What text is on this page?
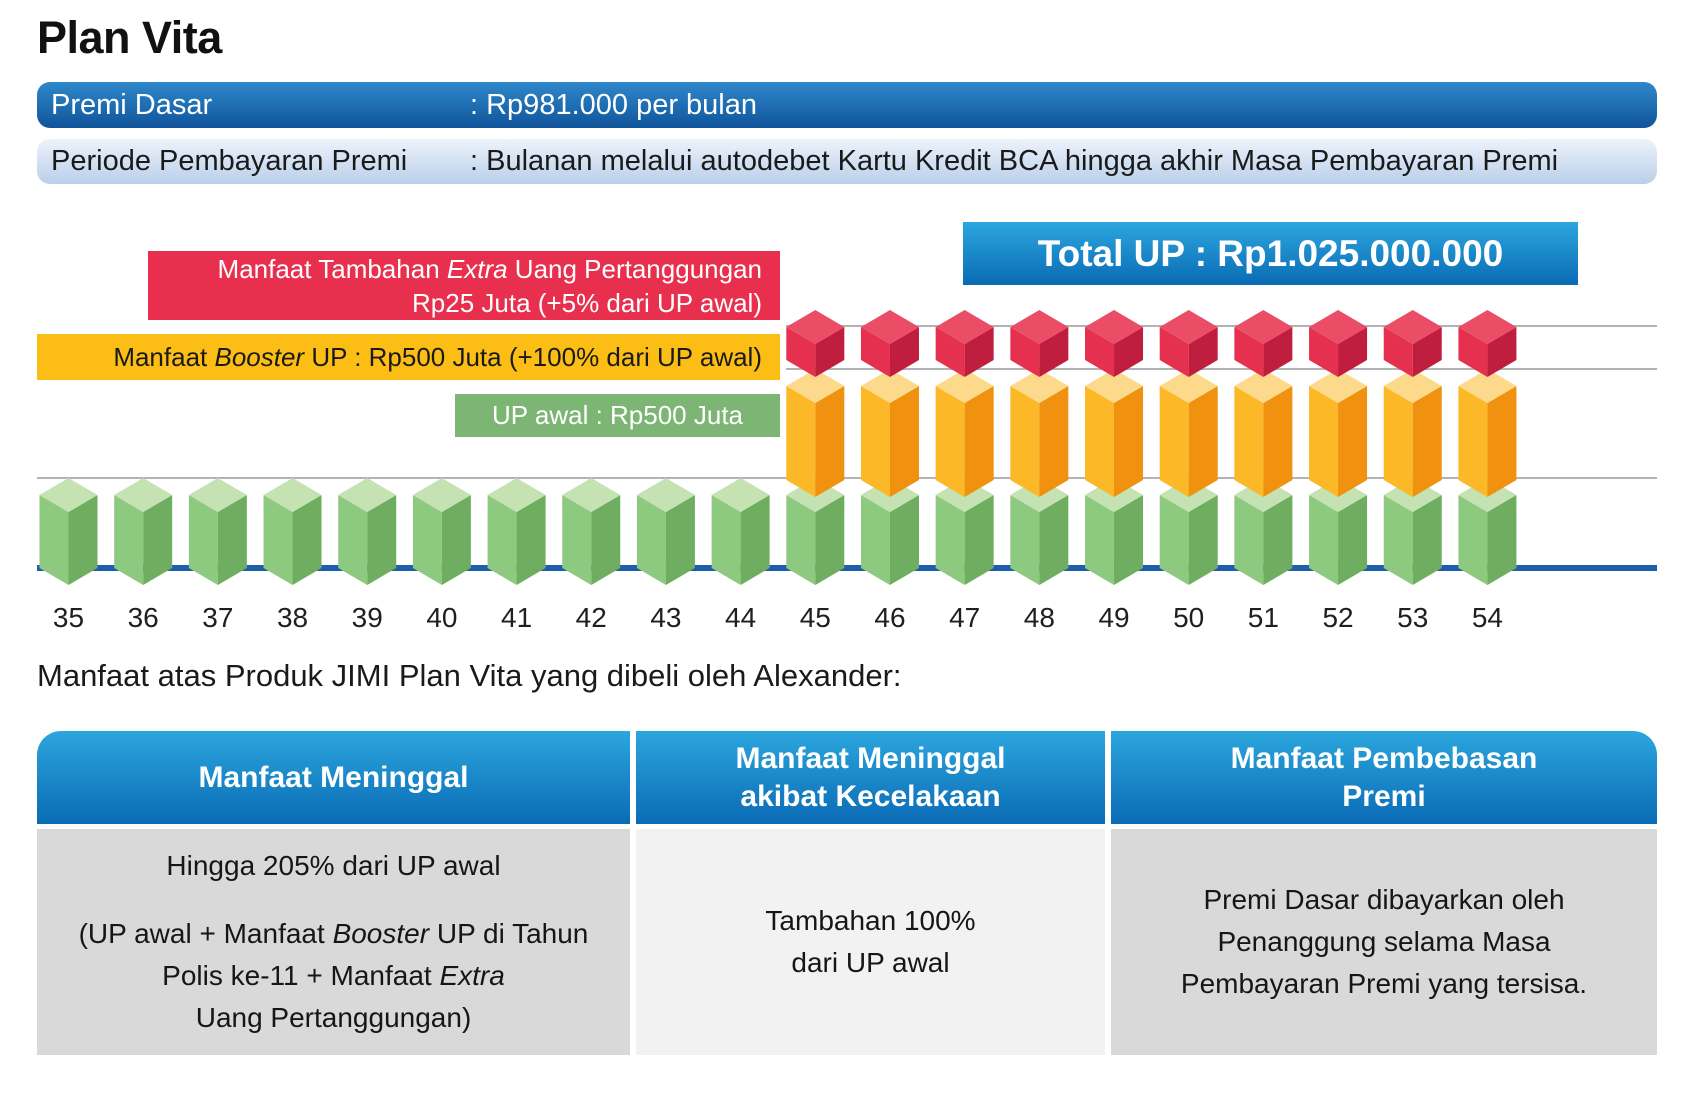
Plan Vita
Premi Dasar	: Rp981.000 per bulan
Periode Pembayaran Premi : Bulanan melalui autodebet Kartu Kredit BCA hingga akhir Masa Pembayaran Premi
Manfaat Tambahan Extra Uang Pertanggungan
Rp25 Juta (+5% dari UP awal)
Manfaat Booster UP : Rp500 Juta (+100% dari UP awal)
UP awal : Rp500 Juta
Total UP : Rp1.025.000.000
35 36 37 38 39 40 41 42 43 44 45 46 47 48 49 50 51 52 53 54
Manfaat atas Produk JIMI Plan Vita yang dibeli oleh Alexander:
Manfaat Meninggal
Hingga 205% dari UP awal
(UP awal + Manfaat Booster UP di Tahun
Polis ke-11 + Manfaat Extra
Uang Pertanggungan)
Manfaat Meninggal
akibat Kecelakaan
Tambahan 100%
dari UP awal
Manfaat Pembebasan
Premi
Premi Dasar dibayarkan oleh
Penanggung selama Masa
Pembayaran Premi yang tersisa.
